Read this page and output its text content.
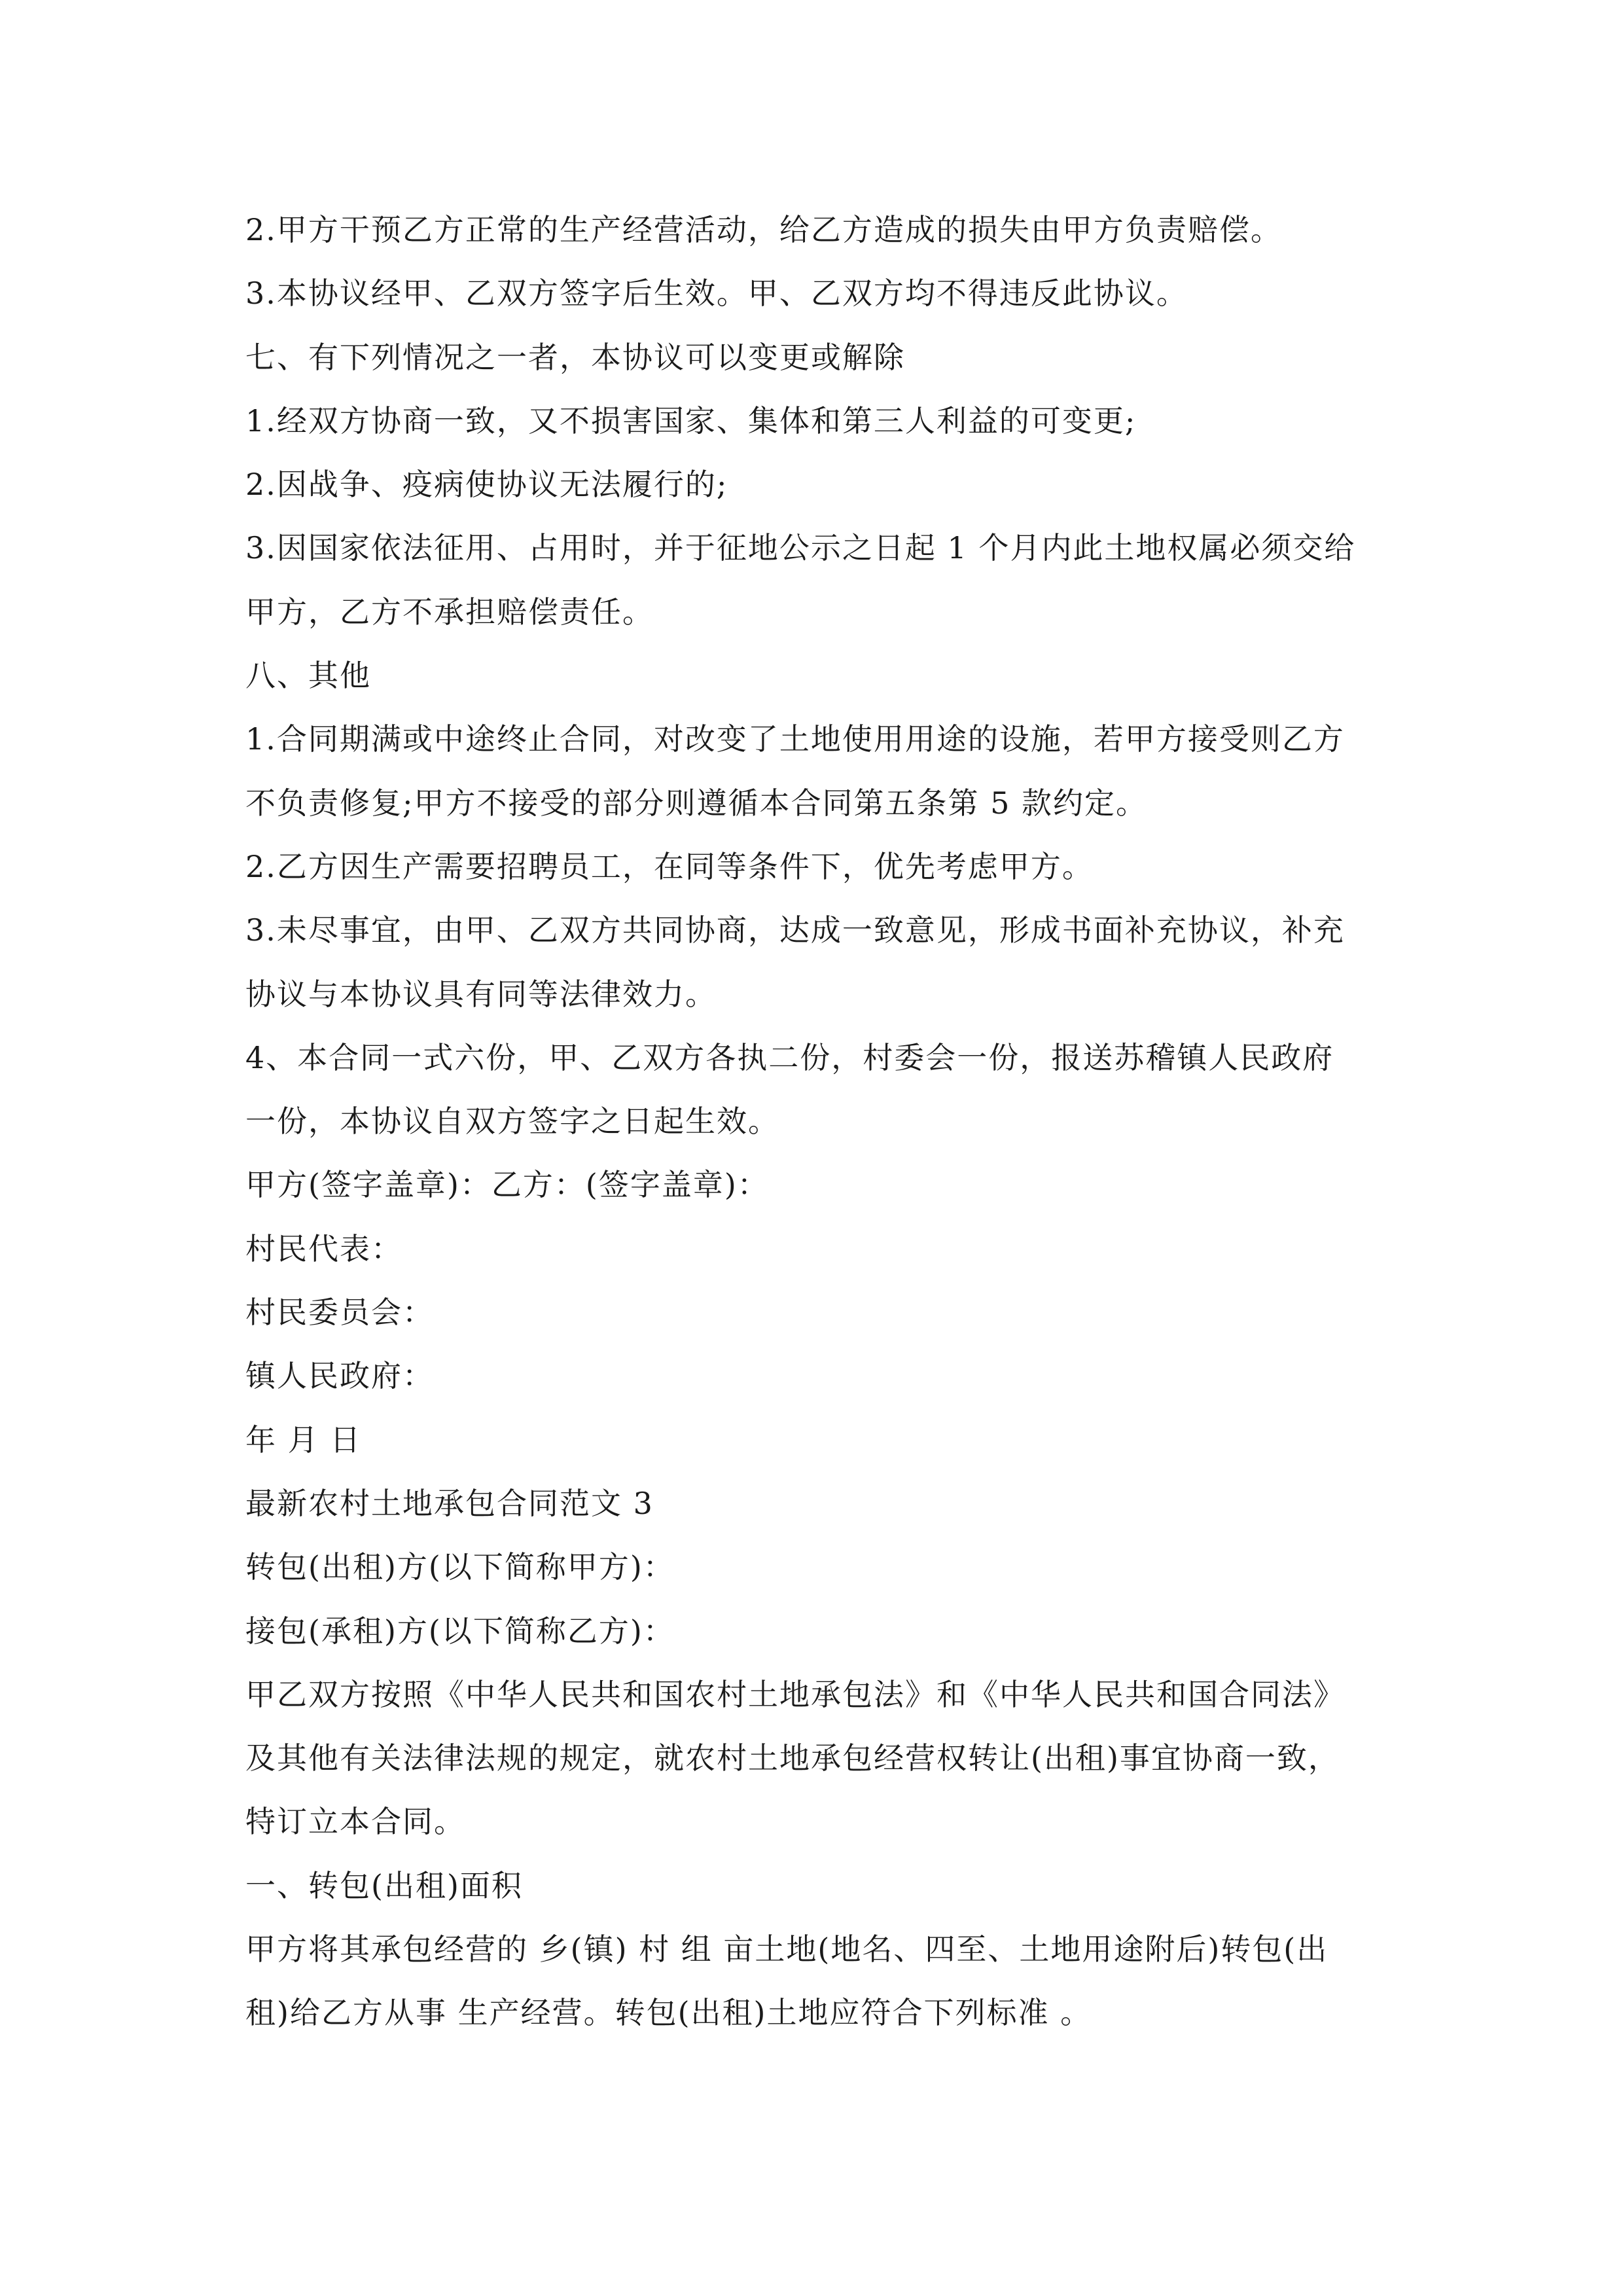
2.甲方干预乙方正常的生产经营活动，给乙方造成的损失由甲方负责赔偿。
3.本协议经甲、乙双方签字后生效。甲、乙双方均不得违反此协议。
七、有下列情况之一者，本协议可以变更或解除
1.经双方协商一致，又不损害国家、集体和第三人利益的可变更;
2.因战争、疫病使协议无法履行的;
3.因国家依法征用、占用时，并于征地公示之日起 1 个月内此土地权属必须交给
甲方，乙方不承担赔偿责任。
八、其他
1.合同期满或中途终止合同，对改变了土地使用用途的设施，若甲方接受则乙方
不负责修复;甲方不接受的部分则遵循本合同第五条第 5 款约定。
2.乙方因生产需要招聘员工，在同等条件下，优先考虑甲方。
3.未尽事宜，由甲、乙双方共同协商，达成一致意见，形成书面补充协议，补充
协议与本协议具有同等法律效力。
4、本合同一式六份，甲、乙双方各执二份，村委会一份，报送苏稽镇人民政府
一份，本协议自双方签字之日起生效。
甲方(签字盖章)：乙方：(签字盖章)：
村民代表：
村民委员会：
镇人民政府：
年 月 日
最新农村土地承包合同范文 3
转包(出租)方(以下简称甲方)：
接包(承租)方(以下简称乙方)：
甲乙双方按照《中华人民共和国农村土地承包法》和《中华人民共和国合同法》
及其他有关法律法规的规定，就农村土地承包经营权转让(出租)事宜协商一致，
特订立本合同。
一、转包(出租)面积
甲方将其承包经营的 乡(镇) 村 组 亩土地(地名、四至、土地用途附后)转包(出
租)给乙方从事 生产经营。转包(出租)土地应符合下列标准 。
